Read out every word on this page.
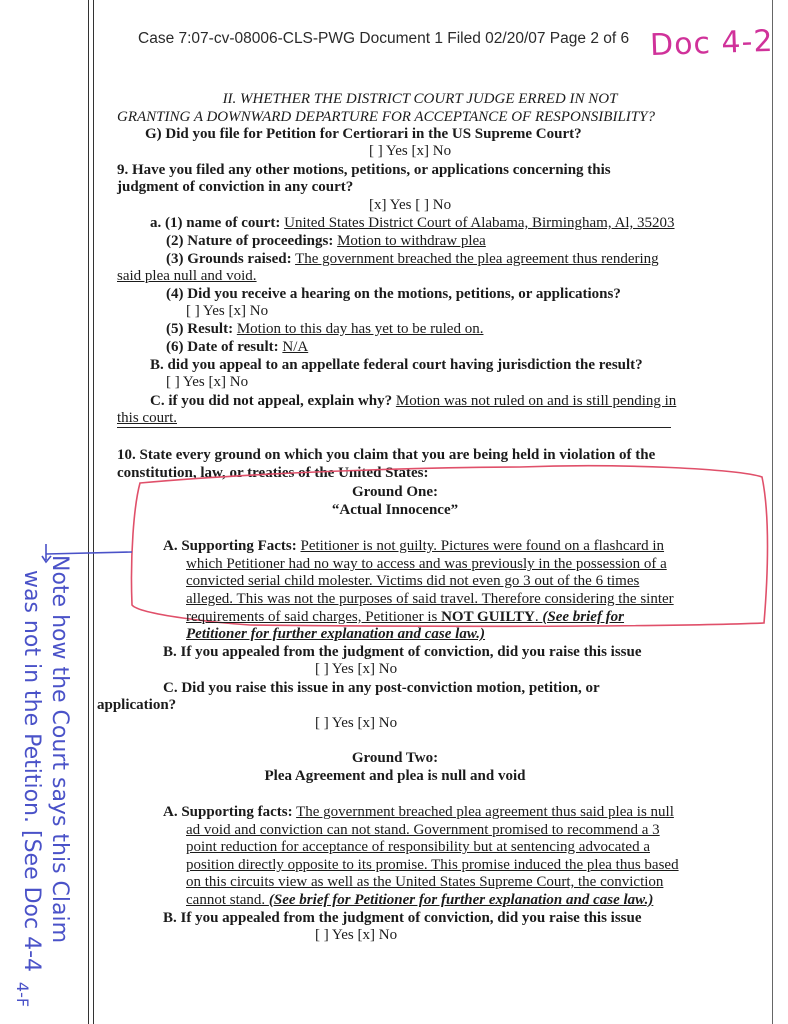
Case 7:07-cv-08006-CLS-PWG Document 1 Filed 02/20/07 Page 2 of 6 Doc 4-2
II. WHETHER THE DISTRICT COURT JUDGE ERRED IN NOT
GRANTING A DOWNWARD DEPARTURE FOR ACCEPTANCE OF RESPONSIBILITY?
G) Did you file for Petition for Certiorari in the US Supreme Court?
[ ] Yes [x] No
9. Have you filed any other motions, petitions, or applications concerning this
judgment of conviction in any court?
[x] Yes [ ] No
a. (1) name of court: United States District Court of Alabama, Birmingham, Al, 35203
(2) Nature of proceedings: Motion to withdraw plea
(3) Grounds raised: The government breached the plea agreement thus rendering
said plea null and void.
(4) Did you receive a hearing on the motions, petitions, or applications?
[ ] Yes [x] No
(5) Result: Motion to this day has yet to be ruled on.
(6) Date of result: N/A
B. did you appeal to an appellate federal court having jurisdiction the result?
[ ] Yes [x] No
C. if you did not appeal, explain why? Motion was not ruled on and is still pending in
this court.
10. State every ground on which you claim that you are being held in violation of the
constitution, law, or treaties of the United States:
Ground One:
“Actual Innocence”
A. Supporting Facts: Petitioner is not guilty. Pictures were found on a flashcard in
which Petitioner had no way to access and was previously in the possession of a
convicted serial child molester. Victims did not even go 3 out of the 6 times
alleged. This was not the purposes of said travel. Therefore considering the sinter
requirements of said charges, Petitioner is NOT GUILTY. (See brief for
Petitioner for further explanation and case law.)
B. If you appealed from the judgment of conviction, did you raise this issue
[ ] Yes [x] No
C. Did you raise this issue in any post-conviction motion, petition, or
application?
[ ] Yes [x] No
Ground Two:
Plea Agreement and plea is null and void
A. Supporting facts: The government breached plea agreement thus said plea is null
ad void and conviction can not stand. Government promised to recommend a 3
point reduction for acceptance of responsibility but at sentencing advocated a
position directly opposite to its promise. This promise induced the plea thus based
on this circuits view as well as the United States Supreme Court, the conviction
cannot stand. (See brief for Petitioner for further explanation and case law.)
B. If you appealed from the judgment of conviction, did you raise this issue
[ ] Yes [x] No
Note how the Court says this Claim
was not in the Petition. [See Doc 4-4
4-F
